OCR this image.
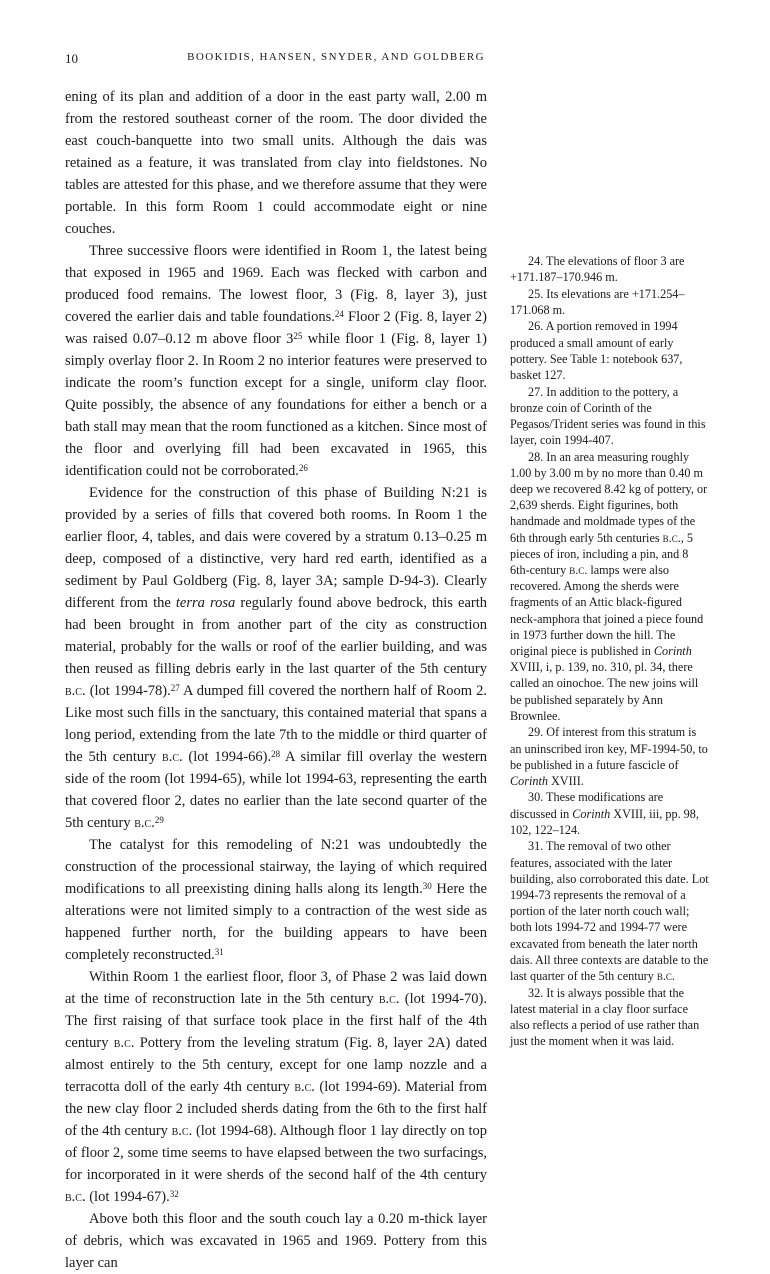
10	BOOKIDIS, HANSEN, SNYDER, AND GOLDBERG

ening of its plan and addition of a door in the east party wall, 2.00 m from the restored southeast corner of the room. The door divided the east couch-banquette into two small units. Although the dais was retained as a feature, it was translated from clay into fieldstones. No tables are attested for this phase, and we therefore assume that they were portable. In this form Room 1 could accommodate eight or nine couches.

Three successive floors were identified in Room 1, the latest being that exposed in 1965 and 1969. Each was flecked with carbon and produced food remains. The lowest floor, 3 (Fig. 8, layer 3), just covered the earlier dais and table foundations.$^{24}$ Floor 2 (Fig. 8, layer 2) was raised 0.07–0.12 m above floor $3^{25}$ while floor 1 (Fig. 8, layer 1) simply overlay floor 2. In Room 2 no interior features were preserved to indicate the room’s function except for a single, uniform clay floor. Quite possibly, the absence of any foundations for either a bench or a bath stall may mean that the room functioned as a kitchen. Since most of the floor and overlying fill had been excavated in 1965, this identification could not be corroborated.$^{26}$

Evidence for the construction of this phase of Building N:21 is provided by a series of fills that covered both rooms. In Room 1 the earlier floor, 4, tables, and dais were covered by a stratum 0.13–0.25 m deep, composed of a distinctive, very hard red earth, identified as a sediment by Paul Goldberg (Fig. 8, layer 3A; sample D-94-3). Clearly different from the terra rosa regularly found above bedrock, this earth had been brought in from another part of the city as construction material, probably for the walls or roof of the earlier building, and was then reused as filling debris early in the last quarter of the 5th century b.c. (lot 1994-78).$^{27}$ A dumped fill covered the northern half of Room 2. Like most such fills in the sanctuary, this contained material that spans a long period, extending from the late 7th to the middle or third quarter of the 5th century b.c. (lot 1994-66).$^{28}$ A similar fill overlay the western side of the room (lot 1994-65), while lot 1994-63, representing the earth that covered floor 2, dates no earlier than the late second quarter of the 5th century b.c.$^{29}$

The catalyst for this remodeling of N:21 was undoubtedly the construction of the processional stairway, the laying of which required modifications to all preexisting dining halls along its length.$^{30}$ Here the alterations were not limited simply to a contraction of the west side as happened further north, for the building appears to have been completely reconstructed.$^{31}$

Within Room 1 the earliest floor, floor 3, of Phase 2 was laid down at the time of reconstruction late in the 5th century b.c. (lot 1994-70). The first raising of that surface took place in the first half of the 4th century b.c. Pottery from the leveling stratum (Fig. 8, layer 2A) dated almost entirely to the 5th century, except for one lamp nozzle and a terracotta doll of the early 4th century b.c. (lot 1994-69). Material from the new clay floor 2 included sherds dating from the 6th to the first half of the 4th century b.c. (lot 1994-68). Although floor 1 lay directly on top of floor 2, some time seems to have elapsed between the two surfacings, for incorporated in it were sherds of the second half of the 4th century b.c. (lot 1994-67).$^{32}$

Above both this floor and the south couch lay a 0.20 m-thick layer of debris, which was excavated in 1965 and 1969. Pottery from this layer can

24. The elevations of floor 3 are +171.187–170.946 m.

25. Its elevations are +171.254–171.068 m.

26. A portion removed in 1994 produced a small amount of early pottery. See Table 1: notebook 637, basket 127.

27. In addition to the pottery, a bronze coin of Corinth of the Pegasos/Trident series was found in this layer, coin 1994-407.

28. In an area measuring roughly 1.00 by 3.00 m by no more than 0.40 m deep we recovered 8.42 kg of pottery, or 2,639 sherds. Eight figurines, both handmade and moldmade types of the 6th through early 5th centuries b.c., 5 pieces of iron, including a pin, and 8 6th-century b.c. lamps were also recovered. Among the sherds were fragments of an Attic black-figured neck-amphora that joined a piece found in 1973 further down the hill. The original piece is published in Corinth XVIII, i, p. 139, no. 310, pl. 34, there called an oinochoe. The new joins will be published separately by Ann Brownlee.

29. Of interest from this stratum is an uninscribed iron key, MF-1994-50, to be published in a future fascicle of Corinth XVIII.

30. These modifications are discussed in Corinth XVIII, iii, pp. 98, 102, 122–124.

31. The removal of two other features, associated with the later building, also corroborated this date. Lot 1994-73 represents the removal of a portion of the later north couch wall; both lots 1994-72 and 1994-77 were excavated from beneath the later north dais. All three contexts are datable to the last quarter of the 5th century b.c.

32. It is always possible that the latest material in a clay floor surface also reflects a period of use rather than just the moment when it was laid.
